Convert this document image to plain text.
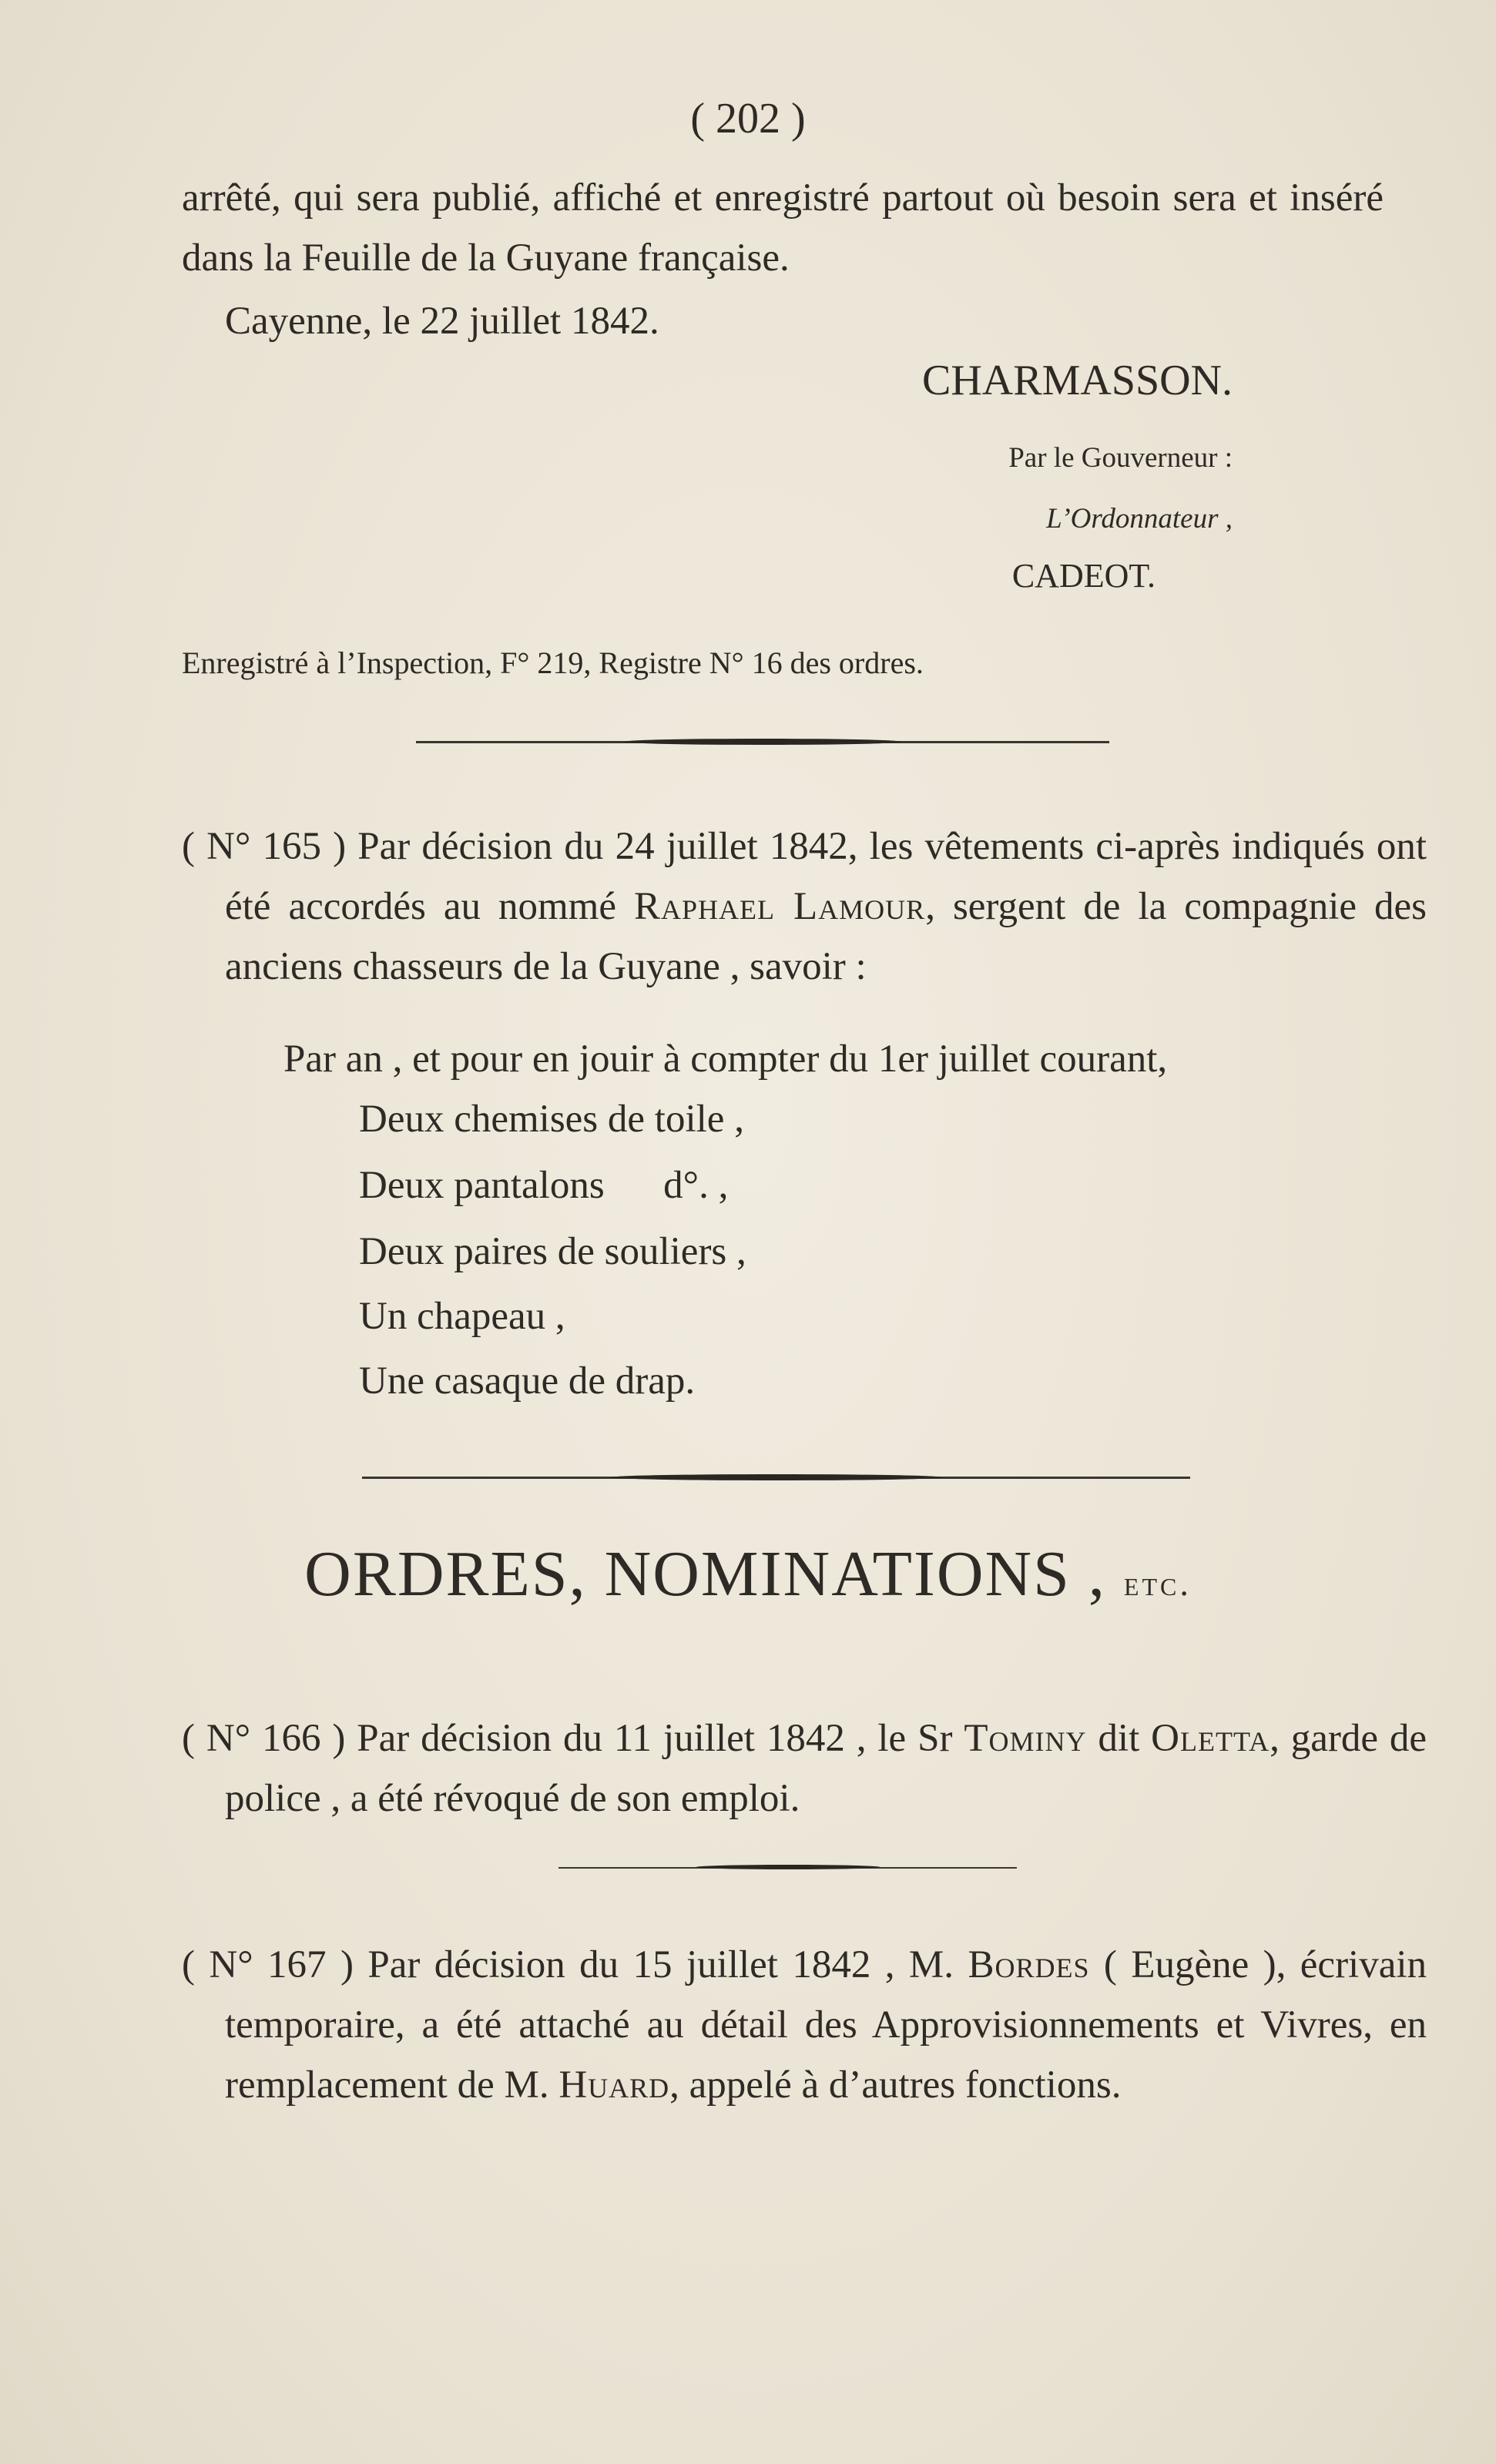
( 202 )
arrêté, qui sera publié, affiché et enregistré partout où besoin sera et inséré dans la Feuille de la Guyane française.
Cayenne, le 22 juillet 1842.
CHARMASSON.
Par le Gouverneur :
L’Ordonnateur ,
CADEOT.
Enregistré à l’Inspection, F° 219, Registre N° 16 des ordres.
( N° 165 ) Par décision du 24 juillet 1842, les vêtements ci-après indiqués ont été accordés au nommé Raphael Lamour, sergent de la compagnie des anciens chasseurs de la Guyane , savoir :
Par an , et pour en jouir à compter du 1er juillet courant,
Deux chemises de toile ,
Deux pantalons      d°. ,
Deux paires de souliers ,
Un chapeau ,
Une casaque de drap.
ORDRES, NOMINATIONS , etc.
( N° 166 ) Par décision du 11 juillet 1842 , le Sr Tominy dit Oletta, garde de police , a été révoqué de son emploi.
( N° 167 ) Par décision du 15 juillet 1842 , M. Bordes ( Eugène ), écrivain temporaire, a été attaché au détail des Approvisionnements et Vivres, en remplacement de M. Huard, appelé à d’autres fonctions.
